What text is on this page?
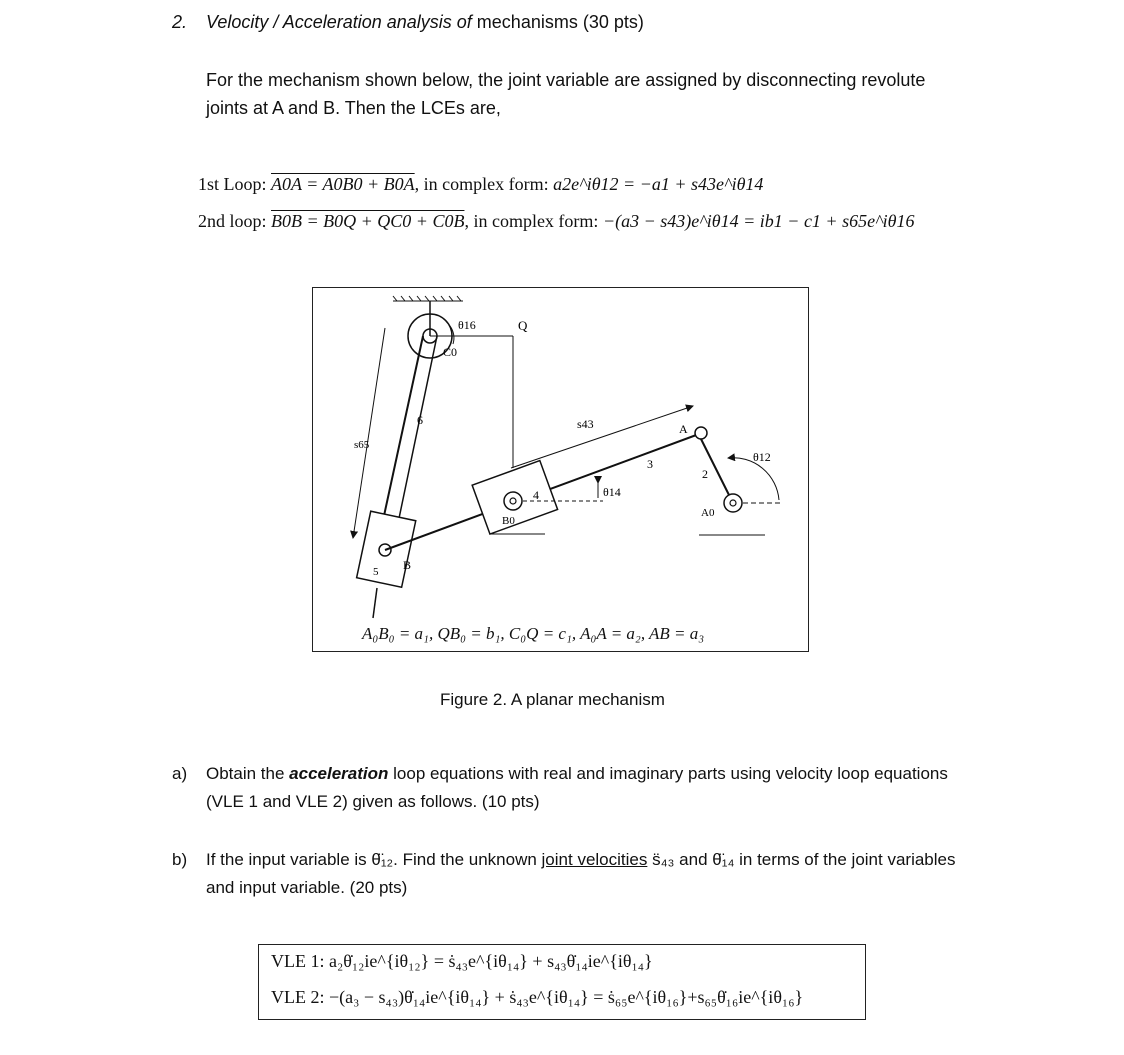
2. Velocity / Acceleration analysis of mechanisms (30 pts)
For the mechanism shown below, the joint variable are assigned by disconnecting revolute joints at A and B. Then the LCEs are,
1st Loop: A0A = A0B0 + B0A, in complex form: a2e^iθ12 = −a1 + s43e^iθ14
2nd loop: B0B = B0Q + QC0 + C0B, in complex form: −(a3 − s43)e^iθ14 = ib1 − c1 + s65e^iθ16
θ16	Q
C0
6	s43	A
θ12
s65
3
2
4	θ14
B0
A0
B
5
A₀B₀ = a₁, QB₀ = b₁, C₀Q = c₁, A₀A = a₂, AB = a₃
Figure 2. A planar mechanism
a) Obtain the acceleration loop equations with real and imaginary parts using velocity loop equations (VLE 1 and VLE 2) given as follows. (10 pts)
b) If the input variable is θ̈₁₂. Find the unknown joint velocities s̈₄₃ and θ̈₁₄ in terms of the joint variables and input variable. (20 pts)
VLE 1: a₂θ̇₁₂ie^{iθ₁₂} = ṡ₄₃e^{iθ₁₄} + s₄₃θ̇₁₄ie^{iθ₁₄}
VLE 2: −(a₃ − s₄₃)θ̇₁₄ie^{iθ₁₄} + ṡ₄₃e^{iθ₁₄} = ṡ₆₅e^{iθ₁₆}+s₆₅θ̇₁₆ie^{iθ₁₆}
